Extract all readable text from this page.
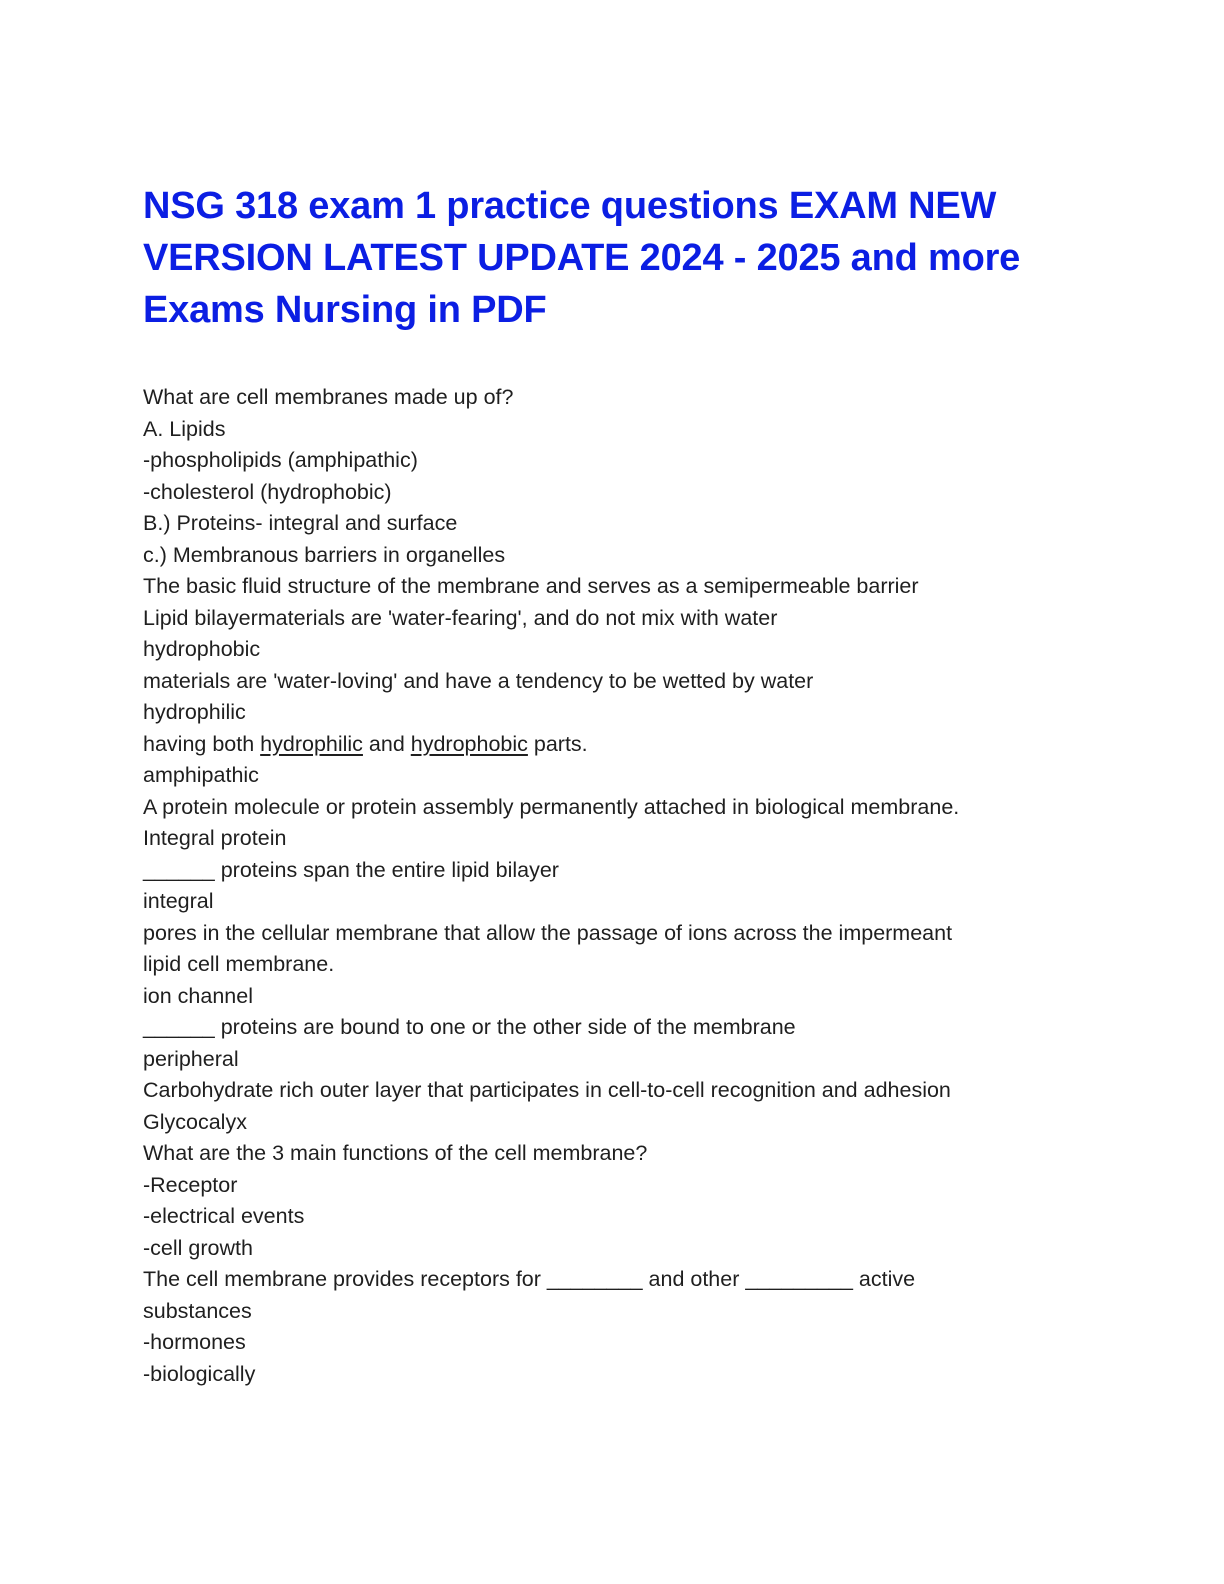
NSG 318 exam 1 practice questions EXAM NEW VERSION LATEST UPDATE 2024 - 2025 and more Exams Nursing in PDF
What are cell membranes made up of?
A. Lipids
-phospholipids (amphipathic)
-cholesterol (hydrophobic)
B.) Proteins- integral and surface
c.) Membranous barriers in organelles
The basic fluid structure of the membrane and serves as a semipermeable barrier
Lipid bilayermaterials are 'water-fearing', and do not mix with water
hydrophobic
materials are 'water-loving' and have a tendency to be wetted by water
hydrophilic
having both hydrophilic and hydrophobic parts.
amphipathic
A protein molecule or protein assembly permanently attached in biological membrane.
Integral protein
______ proteins span the entire lipid bilayer
integral
pores in the cellular membrane that allow the passage of ions across the impermeant
lipid cell membrane.
ion channel
______ proteins are bound to one or the other side of the membrane
peripheral
Carbohydrate rich outer layer that participates in cell-to-cell recognition and adhesion
Glycocalyx
What are the 3 main functions of the cell membrane?
-Receptor
-electrical events
-cell growth
The cell membrane provides receptors for ________ and other _________ active
substances
-hormones
-biologically
